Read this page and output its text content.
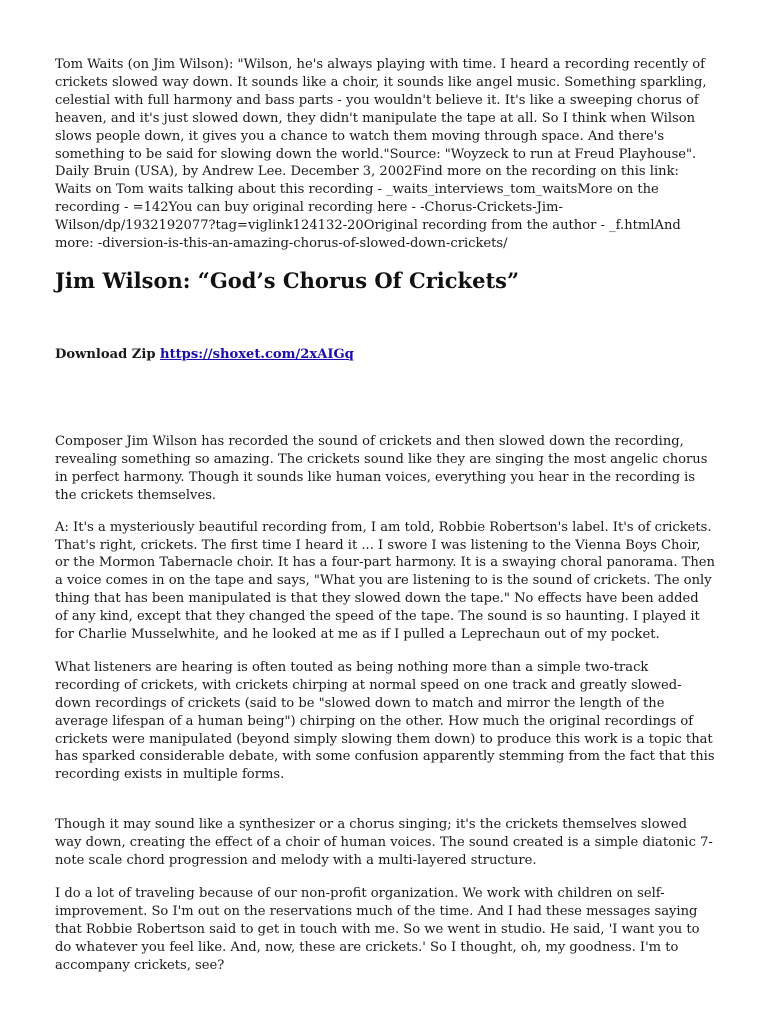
Tom Waits (on Jim Wilson): "Wilson, he's always playing with time. I heard a recording recently of crickets slowed way down. It sounds like a choir, it sounds like angel music. Something sparkling, celestial with full harmony and bass parts - you wouldn't believe it. It's like a sweeping chorus of heaven, and it's just slowed down, they didn't manipulate the tape at all. So I think when Wilson slows people down, it gives you a chance to watch them moving through space. And there's something to be said for slowing down the world."Source: "Woyzeck to run at Freud Playhouse". Daily Bruin (USA), by Andrew Lee. December 3, 2002Find more on the recording on this link: Waits on Tom waits talking about this recording - _waits_interviews_tom_waitsMore on the recording - =142You can buy original recording here - -Chorus-Crickets-Jim-Wilson/dp/1932192077?tag=viglink124132-20Original recording from the author - _f.htmlAnd more: -diversion-is-this-an-amazing-chorus-of-slowed-down-crickets/

Jim Wilson: “God’s Chorus Of Crickets”
Download Zip https://shoxet.com/2xAIGq

Composer Jim Wilson has recorded the sound of crickets and then slowed down the recording, revealing something so amazing. The crickets sound like they are singing the most angelic chorus in perfect harmony. Though it sounds like human voices, everything you hear in the recording is the crickets themselves.

A: It's a mysteriously beautiful recording from, I am told, Robbie Robertson's label. It's of crickets. That's right, crickets. The first time I heard it ... I swore I was listening to the Vienna Boys Choir, or the Mormon Tabernacle choir. It has a four-part harmony. It is a swaying choral panorama. Then a voice comes in on the tape and says, "What you are listening to is the sound of crickets. The only thing that has been manipulated is that they slowed down the tape." No effects have been added of any kind, except that they changed the speed of the tape. The sound is so haunting. I played it for Charlie Musselwhite, and he looked at me as if I pulled a Leprechaun out of my pocket.

What listeners are hearing is often touted as being nothing more than a simple two-track recording of crickets, with crickets chirping at normal speed on one track and greatly slowed-down recordings of crickets (said to be "slowed down to match and mirror the length of the average lifespan of a human being") chirping on the other. How much the original recordings of crickets were manipulated (beyond simply slowing them down) to produce this work is a topic that has sparked considerable debate, with some confusion apparently stemming from the fact that this recording exists in multiple forms.

Though it may sound like a synthesizer or a chorus singing; it's the crickets themselves slowed way down, creating the effect of a choir of human voices. The sound created is a simple diatonic 7-note scale chord progression and melody with a multi-layered structure.

I do a lot of traveling because of our non-profit organization. We work with children on self-improvement. So I'm out on the reservations much of the time. And I had these messages saying that Robbie Robertson said to get in touch with me. So we went in studio. He said, 'I want you to do whatever you feel like. And, now, these are crickets.' So I thought, oh, my goodness. I'm to accompany crickets, see?
